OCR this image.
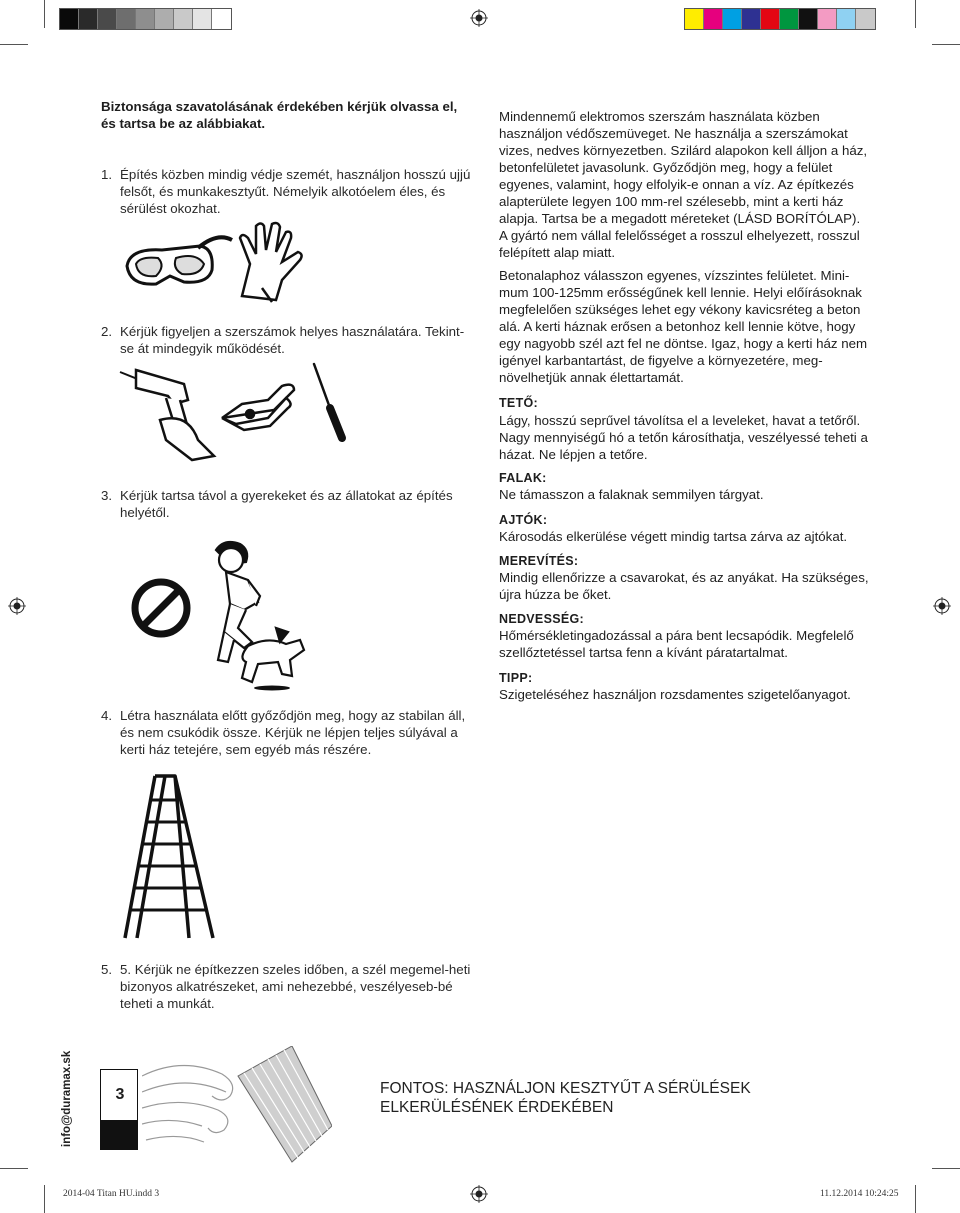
Biztonsága szavatolásának érdekében kérjük olvassa el, és tartsa be az alábbiakat.
1. Építés közben mindig védje szemét, használjon hosszú ujjú felsőt, és munkakesztyűt. Némelyik alkotóelem éles, és sérülést okozhat.
2. Kérjük figyeljen a szerszámok helyes használatára. Tekint-se át mindegyik működését.
3. Kérjük tartsa távol a gyerekeket és az állatokat az építés helyétől.
4. Létra használata előtt győződjön meg, hogy az stabilan áll, és nem csukódik össze. Kérjük ne lépjen teljes súlyával a kerti ház tetejére, sem egyéb más részére.
5. 5. Kérjük ne építkezzen szeles időben, a szél megemel-heti bizonyos alkatrészeket, ami nehezebbé, veszélyeseb-bé teheti a munkát.
Mindennemű elektromos szerszám használata közben használjon védőszemüveget. Ne használja a szerszámokat vizes, nedves környezetben. Szilárd alapokon kell álljon a ház, betonfelületet javasolunk. Győződjön meg, hogy a felület egyenes, valamint, hogy elfolyik-e onnan a víz. Az építkezés alapterülete legyen 100 mm-rel szélesebb, mint a kerti ház alapja. Tartsa be a megadott méreteket (LÁSD BORÍTÓLAP). A gyártó nem vállal felelősséget a rosszul elhelyezett, rosszul felépített alap miatt.
Betonalaphoz válasszon egyenes, vízszintes felületet. Mini-mum 100-125mm erősségűnek kell lennie. Helyi előírásoknak megfelelően szükséges lehet egy vékony kavicsréteg a beton alá. A kerti háznak erősen a betonhoz kell lennie kötve, hogy egy nagyobb szél azt fel ne döntse. Igaz, hogy a kerti ház nem igényel karbantartást, de figyelve a környezetére, meg-növelhetjük annak élettartamát.
TETŐ:
Lágy, hosszú seprűvel távolítsa el a leveleket, havat a tetőről. Nagy mennyiségű hó a tetőn károsíthatja, veszélyessé teheti a házat. Ne lépjen a tetőre.
FALAK:
Ne támasszon a falaknak semmilyen tárgyat.
AJTÓK:
Károsodás elkerülése végett mindig tartsa zárva az ajtókat.
MEREVÍTÉS:
Mindig ellenőrizze a csavarokat, és az anyákat. Ha szükséges, újra húzza be őket.
NEDVESSÉG:
Hőmérsékletingadozással a pára bent lecsapódik. Megfelelő szellőztetéssel tartsa fenn a kívánt páratartalmat.
TIPP:
Szigeteléséhez használjon rozsdamentes szigetelőanyagot.
info@duramax.sk	3	FONTOS: HASZNÁLJON KESZTYŰT A SÉRÜLÉSEK ELKERÜLÉSÉNEK ÉRDEKÉBEN
2014-04 Titan HU.indd 3	11.12.2014 10:24:25
